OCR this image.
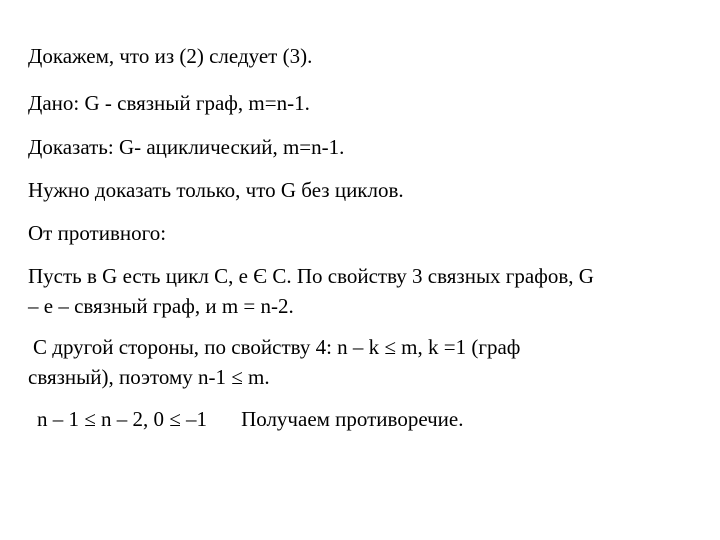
Докажем, что из (2) следует (3).

Дано: G - связный граф, m=n-1.

Доказать: G- ациклический, m=n-1.

Нужно доказать только, что G без циклов.

От противного:

Пусть в G есть цикл C, e Є C. По свойству 3 связных графов, G

– e – связный граф, и m = n-2.

С другой стороны, по свойству 4: n – k ≤ m, k =1 (граф

связный), поэтому n-1 ≤ m.

n – 1 ≤ n – 2, 0 ≤ –1 Получаем противоречие.
